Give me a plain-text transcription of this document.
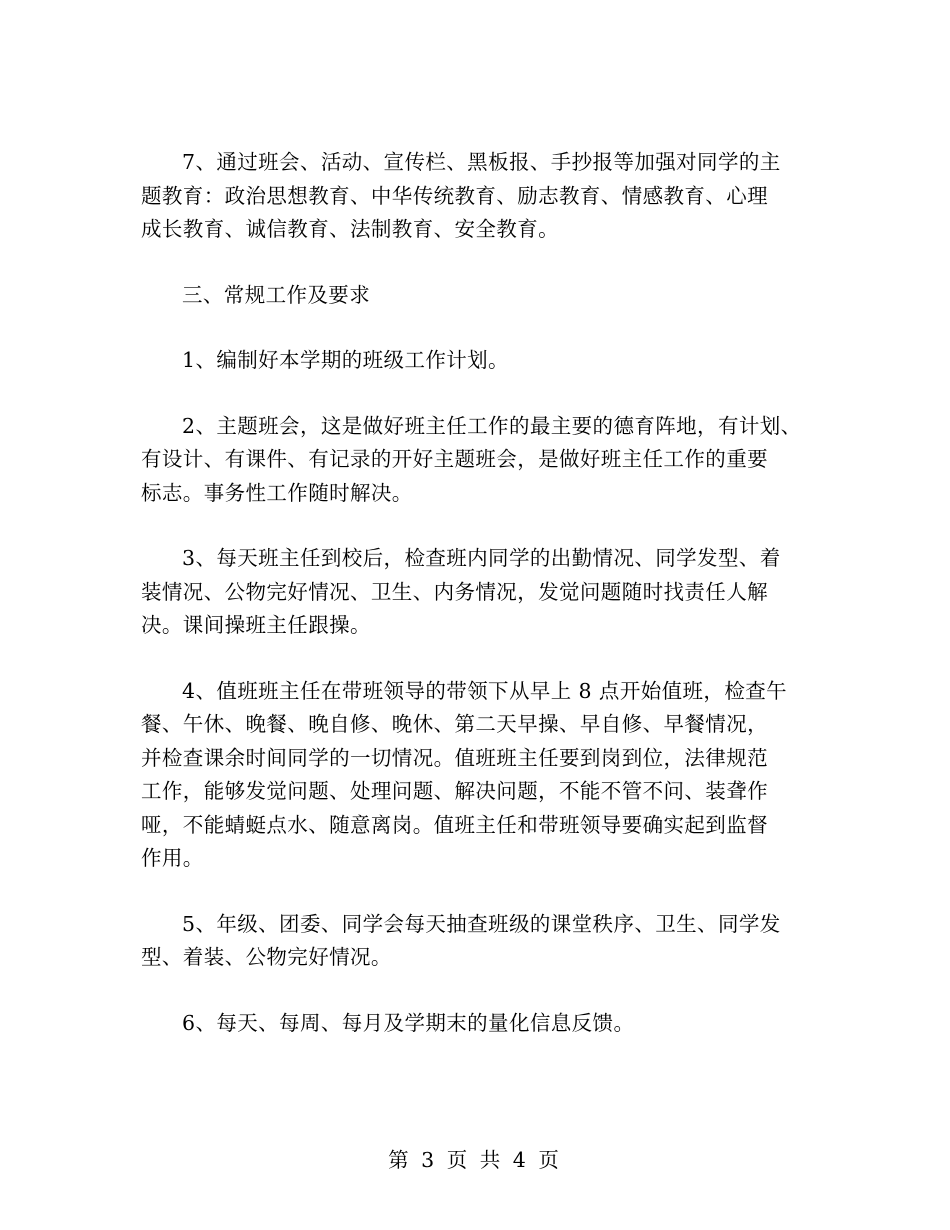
7、通过班会、活动、宣传栏、黑板报、手抄报等加强对同学的主
题教育：政治思想教育、中华传统教育、励志教育、情感教育、心理
成长教育、诚信教育、法制教育、安全教育。

三、常规工作及要求

1、编制好本学期的班级工作计划。

2、主题班会，这是做好班主任工作的最主要的德育阵地，有计划、
有设计、有课件、有记录的开好主题班会，是做好班主任工作的重要
标志。事务性工作随时解决。

3、每天班主任到校后，检查班内同学的出勤情况、同学发型、着
装情况、公物完好情况、卫生、内务情况，发觉问题随时找责任人解
决。课间操班主任跟操。

4、值班班主任在带班领导的带领下从早上 8 点开始值班，检查午
餐、午休、晚餐、晚自修、晚休、第二天早操、早自修、早餐情况，
并检查课余时间同学的一切情况。值班班主任要到岗到位，法律规范
工作，能够发觉问题、处理问题、解决问题，不能不管不问、装聋作
哑，不能蜻蜓点水、随意离岗。值班主任和带班领导要确实起到监督
作用。

5、年级、团委、同学会每天抽查班级的课堂秩序、卫生、同学发
型、着装、公物完好情况。

6、每天、每周、每月及学期末的量化信息反馈。

第 3 页 共 4 页
